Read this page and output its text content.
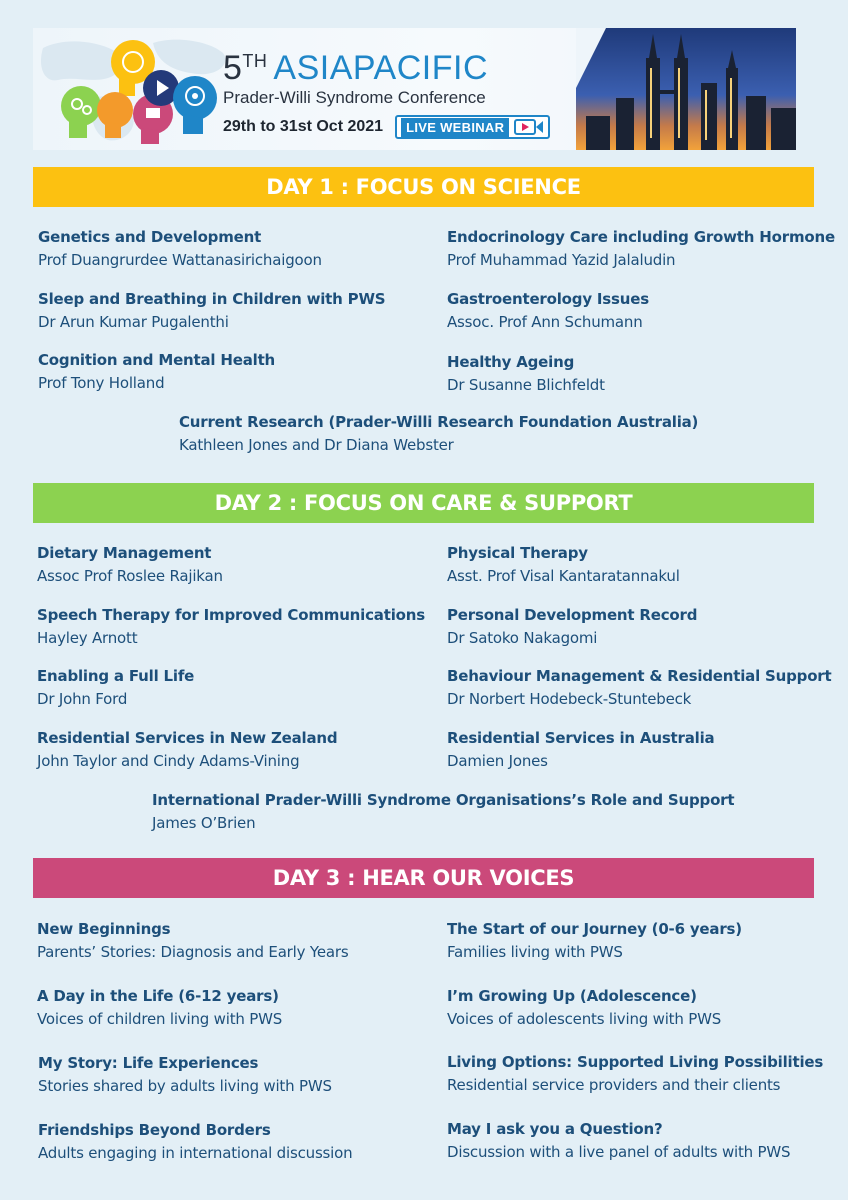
5TH ASIAPACIFIC
Prader-Willi Syndrome Conference
29th to 31st Oct 2021	LIVE WEBINAR
DAY 1 : FOCUS ON SCIENCE
Genetics and Development
Prof Duangrurdee Wattanasirichaigoon
Endocrinology Care including Growth Hormone
Prof Muhammad Yazid Jalaludin
Sleep and Breathing in Children with PWS
Dr Arun Kumar Pugalenthi
Gastroenterology Issues
Assoc. Prof Ann Schumann
Cognition and Mental Health
Prof Tony Holland
Healthy Ageing
Dr Susanne Blichfeldt
Current Research (Prader-Willi Research Foundation Australia)
Kathleen Jones and Dr Diana Webster
DAY 2 : FOCUS ON CARE & SUPPORT
Dietary Management
Assoc Prof Roslee Rajikan
Physical Therapy
Asst. Prof Visal Kantaratannakul
Speech Therapy for Improved Communications
Hayley Arnott
Personal Development Record
Dr Satoko Nakagomi
Enabling a Full Life
Dr John Ford
Behaviour Management & Residential Support
Dr Norbert Hodebeck-Stuntebeck
Residential Services in New Zealand
John Taylor and Cindy Adams-Vining
Residential Services in Australia
Damien Jones
International Prader-Willi Syndrome Organisations’s Role and Support
James O’Brien
DAY 3 : HEAR OUR VOICES
New Beginnings
Parents’ Stories: Diagnosis and Early Years
The Start of our Journey (0-6 years)
Families living with PWS
A Day in the Life (6-12 years)
Voices of children living with PWS
I’m Growing Up (Adolescence)
Voices of adolescents living with PWS
My Story: Life Experiences
Stories shared by adults living with PWS
Living Options: Supported Living Possibilities
Residential service providers and their clients
Friendships Beyond Borders
Adults engaging in international discussion
May I ask you a Question?
Discussion with a live panel of adults with PWS
